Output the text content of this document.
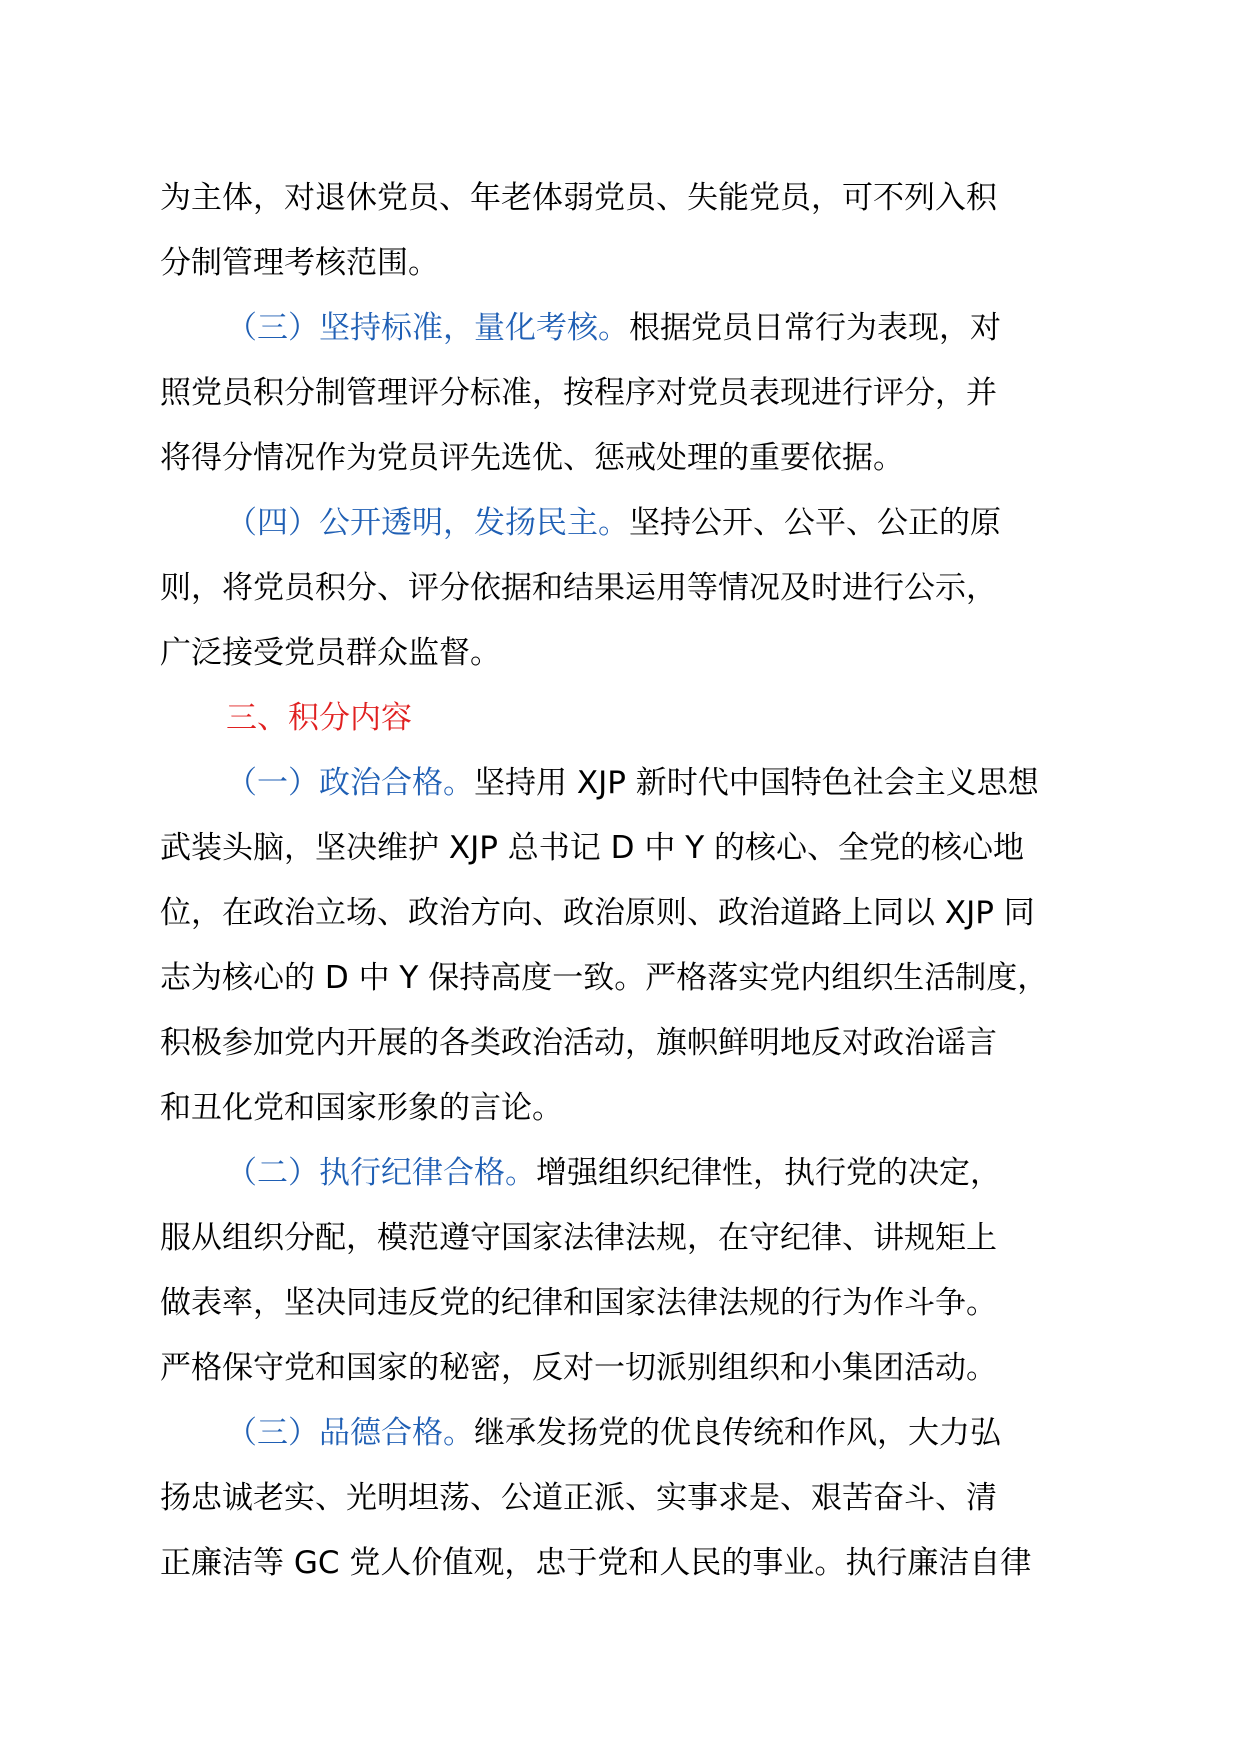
为主体，对退休党员、年老体弱党员、失能党员，可不列入积
分制管理考核范围。
（三）坚持标准，量化考核。根据党员日常行为表现，对
照党员积分制管理评分标准，按程序对党员表现进行评分，并
将得分情况作为党员评先选优、惩戒处理的重要依据。
（四）公开透明，发扬民主。坚持公开、公平、公正的原
则，将党员积分、评分依据和结果运用等情况及时进行公示，
广泛接受党员群众监督。
三、积分内容
（一）政治合格。坚持用 XJP 新时代中国特色社会主义思想
武装头脑，坚决维护 XJP 总书记 D 中 Y 的核心、全党的核心地
位，在政治立场、政治方向、政治原则、政治道路上同以 XJP 同
志为核心的 D 中 Y 保持高度一致。严格落实党内组织生活制度，
积极参加党内开展的各类政治活动，旗帜鲜明地反对政治谣言
和丑化党和国家形象的言论。
（二）执行纪律合格。增强组织纪律性，执行党的决定，
服从组织分配，模范遵守国家法律法规，在守纪律、讲规矩上
做表率，坚决同违反党的纪律和国家法律法规的行为作斗争。
严格保守党和国家的秘密，反对一切派别组织和小集团活动。
（三）品德合格。继承发扬党的优良传统和作风，大力弘
扬忠诚老实、光明坦荡、公道正派、实事求是、艰苦奋斗、清
正廉洁等 GC 党人价值观，忠于党和人民的事业。执行廉洁自律
